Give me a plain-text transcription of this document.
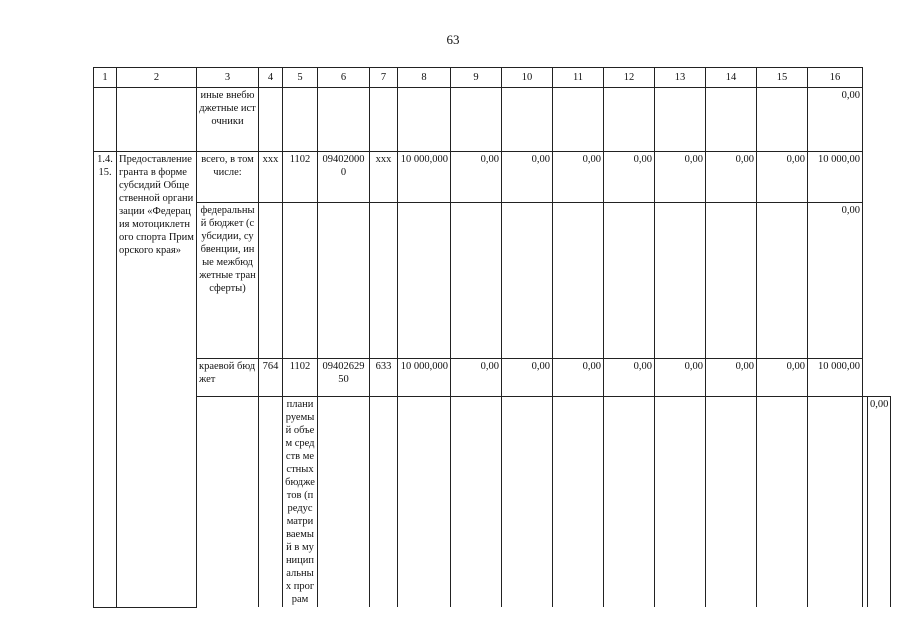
63
1	2	3	4	5	6	7	8	9	10	11	12	13	14	15	16		
		иные внебюджетные источники													0,00		
1.4.15.	Предоставление гранта в форме субсидий Общественной организации «Федерация мотоциклетного спорта Приморского края»	всего, в том числе:	ххх	1102	094020000	ххх	10 000,000	0,00	0,00	0,00	0,00	0,00	0,00	0,00	10 000,00		
		федеральный бюджет (субсидии, субвенции, иные межбюджетные трансферты)													0,00		
		краевой бюджет	764	1102	0940262950	633	10 000,000	0,00	0,00	0,00	0,00	0,00	0,00	0,00	10 000,00		
				планируемый объем средств местных бюджетов (предусматриваемый в муниципальных програм													0,00
